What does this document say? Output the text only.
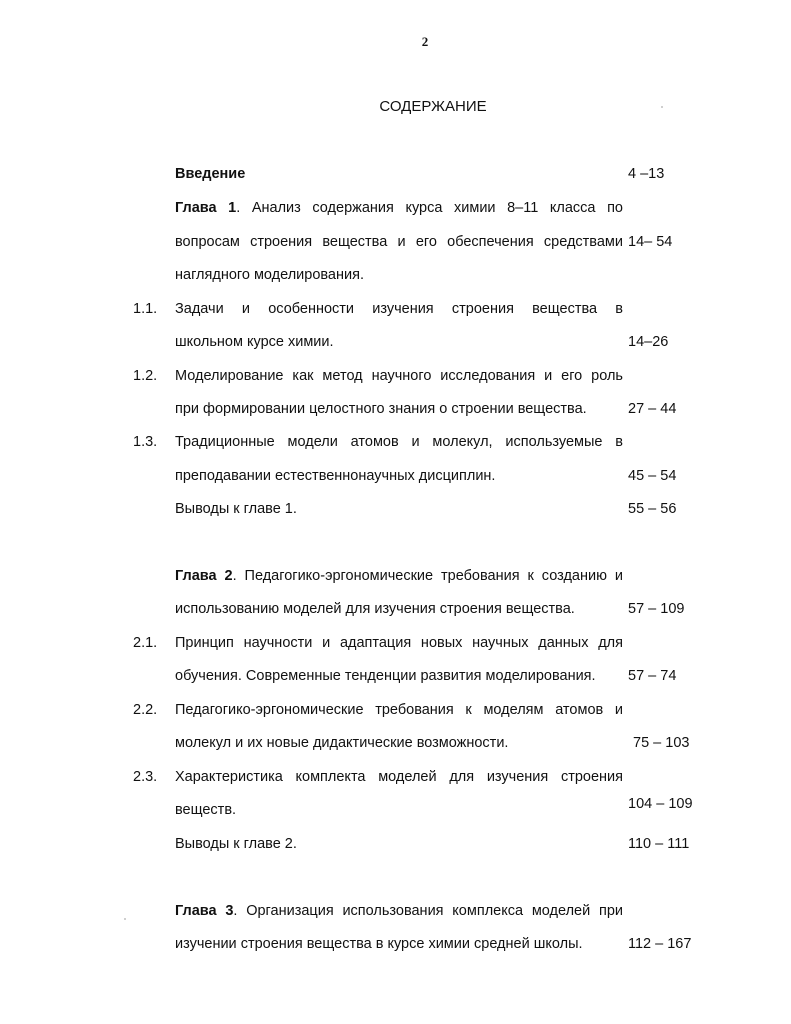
2
СОДЕРЖАНИЕ
Введение	4 –13
Глава 1. Анализ содержания курса химии 8–11 класса по
вопросам строения вещества и его обеспечения средствами
наглядного моделирования.
14– 54
1.1. Задачи и особенности изучения строения вещества в
школьном курсе химии.	14–26
1.2. Моделирование как метод научного исследования и его роль
при формировании целостного знания о строении вещества.	27 – 44
1.3. Традиционные модели атомов и молекул, используемые в
преподавании естественнонаучных дисциплин.	45 – 54
Выводы к главе 1.	55 – 56
Глава 2. Педагогико-эргономические требования к созданию и
использованию моделей для изучения строения вещества.	57 – 109
2.1. Принцип научности и адаптация новых научных данных для
обучения. Современные тенденции развития моделирования. 57 – 74
2.2. Педагогико-эргономические требования к моделям атомов и
молекул и их новые дидактические возможности.	75 – 103
2.3. Характеристика комплекта моделей для изучения строения
веществ.	104 – 109
Выводы к главе 2.	110 – 111
Глава 3. Организация использования комплекса моделей при
изучении строения вещества в курсе химии средней школы.	112 – 167
